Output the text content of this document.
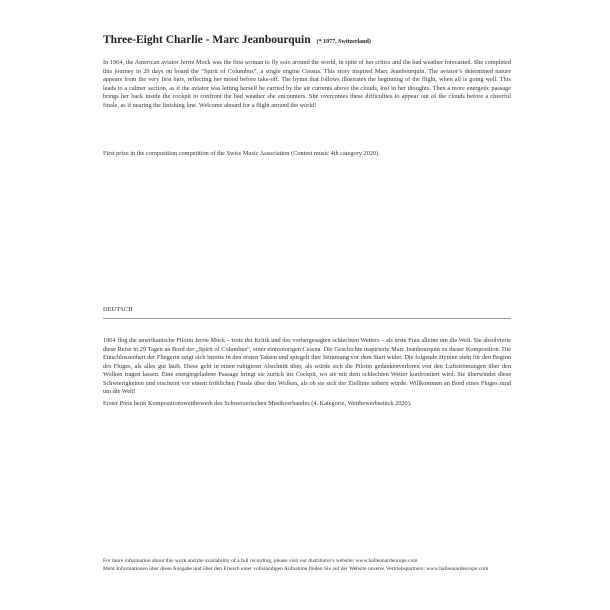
Three-Eight Charlie - Marc Jeanbourquin (* 1977, Switzerland)

In 1964, the American aviator Jerrie Mock was the first woman to fly solo around the world, in spite of her critics and the bad weather forecasted. She completed this journey in 29 days on board the “Spirit of Columbus”, a single engine Cessna. This story inspired Marc Jeanbourquin. The aviator’s determined nature appears from the very first bars, reflecting her mood before take-off. The hymn that follows illustrates the beginning of the flight, when all is going well. This leads to a calmer section, as if the aviator was letting herself be carried by the air currents above the clouds, lost in her thoughts. Then a more energetic passage brings her back inside the cockpit to confront the bad weather she encounters. She overcomes these difficulties to appear out of the clouds before a cheerful finale, as if nearing the finishing line. Welcome aboard for a flight around the world!

First prize in the composition competition of the Swiss Music Association (Contest music 4th category 2020).

DEUTSCH

1964 flog die amerikanische Pilotin Jerrie Mock – trotz der Kritik und des vorhergesagten schlechten Wetters – als erste Frau alleine um die Welt. Sie absolvierte diese Reise in 29 Tagen an Bord der „Spirit of Columbus“, einer einmotorigen Cessna. Die Geschichte inspirierte Marc Jeanbourquin zu dieser Komposition. Die Entschlossenheit der Fliegerin zeigt sich bereits in den ersten Takten und spiegelt ihre Stimmung vor dem Start wider. Die folgende Hymne steht für den Beginn des Fluges, als alles gut läuft. Diese geht in einen ruhigeren Abschnitt über, als würde sich die Pilotin gedankenverloren von den Luftströmungen über den Wolken tragen lassen. Eine energiegeladene Passage bringt sie zurück ins Cockpit, wo sie mit dem schlechten Wetter konfrontiert wird. Sie überwindet diese Schwierigkeiten und erscheint vor einem fröhlichen Finale über den Wolken, als ob sie sich der Ziellinie nähern würde. Willkommen an Bord eines Fluges rund um die Welt!

Erster Preis beim Kompositionswettbewerb des Schweizerischen Musikverbandes (4. Kategorie, Wettbewerbsstück 2020).

For more information about this work and the availability of a full recording, please visit our distributor's website: www.halleonardeurope.com
Mehr Informationen über diese Ausgabe und über den Erwerb einer vollständigen Aufnahme finden Sie auf der Website unseres Vertriebspartners: www.halleonardeurope.com
